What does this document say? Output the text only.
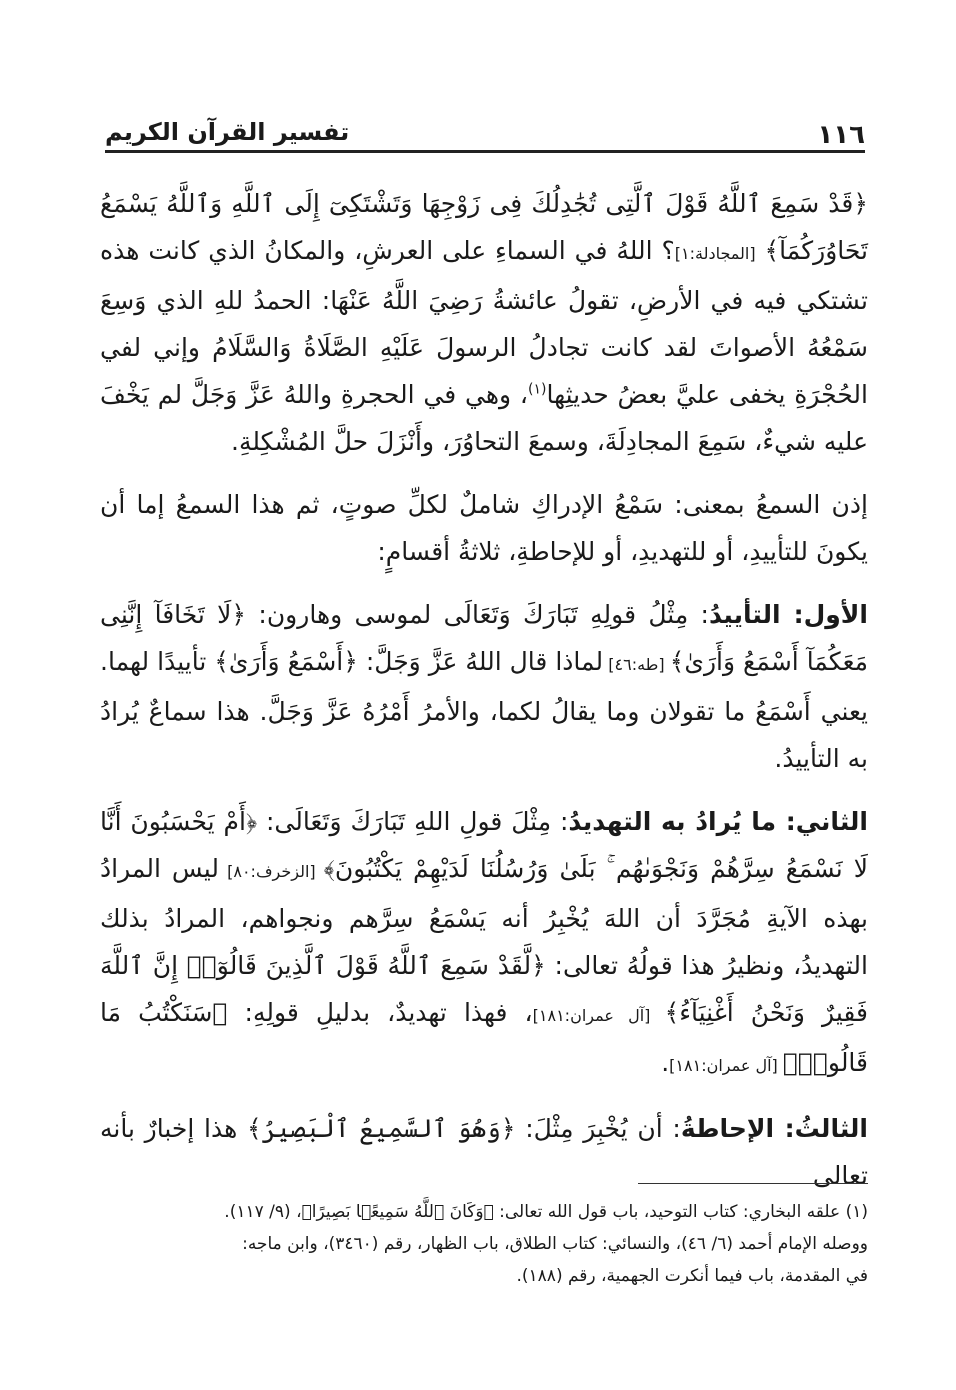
١١٦
تفسير القرآن الكريم

﴿قَدْ سَمِعَ ٱللَّهُ قَوْلَ ٱلَّتِى تُجَٰدِلُكَ فِى زَوْجِهَا وَتَشْتَكِىٓ إِلَى ٱللَّهِ وَٱللَّهُ يَسْمَعُ تَحَاوُرَكُمَآ﴾ [المجادلة:١]؟ اللهُ في السماءِ على العرشِ، والمكانُ الذي كانت هذه تشتكي فيه في الأرضِ، تقولُ عائشةُ رَضِيَ اللَّهُ عَنْهَا: الحمدُ للهِ الذي وَسِعَ سَمْعُهُ الأصواتَ لقد كانت تجادلُ الرسولَ عَلَيْهِ الصَّلَاةُ وَالسَّلَامُ وإني لفي الحُجْرَةِ يخفى عليَّ بعضُ حديثِها$^{(١)}$، وهي في الحجرةِ واللهُ عَزَّ وَجَلَّ لم يَخْفَ عليه شيءٌ، سَمِعَ المجادِلَةَ، وسمعَ التحاوُرَ، وأَنْزَلَ حلَّ المُشْكِلةِ.

إذن السمعُ بمعنى: سَمْعُ الإدراكِ شاملٌ لكلِّ صوتٍ، ثم هذا السمعُ إما أن يكونَ للتأييدِ، أو للتهديدِ، أو للإحاطةِ، ثلاثةُ أقسامٍ:

الأول: التأييدُ: مِثْلُ قولِهِ تَبَارَكَ وَتَعَالَى لموسى وهارون: ﴿لَا تَخَافَآ إِنَّنِى مَعَكُمَآ أَسْمَعُ وَأَرَىٰ﴾ [طه:٤٦] لماذا قال اللهُ عَزَّ وَجَلَّ: ﴿أَسْمَعُ وَأَرَىٰ﴾ تأييدًا لهما. يعني أَسْمَعُ ما تقولان وما يقالُ لكما، والأمرُ أَمْرُهُ عَزَّ وَجَلَّ. هذا سماعٌ يُرادُ به التأييدُ.

الثاني: ما يُرادُ به التهديدُ: مِثْلَ قولِ اللهِ تَبَارَكَ وَتَعَالَى: ﴿أَمْ يَحْسَبُونَ أَنَّا لَا نَسْمَعُ سِرَّهُمْ وَنَجْوَىٰهُم ۚ بَلَىٰ وَرُسُلُنَا لَدَيْهِمْ يَكْتُبُونَ﴾ [الزخرف:٨٠] ليس المرادُ بهذه الآيةِ مُجَرَّدَ أن اللهَ يُخْبِرُ أنه يَسْمَعُ سِرَّهم ونجواهم، المرادُ بذلك التهديدُ، ونظيرُ هذا قولُهُ تعالى: ﴿لَّقَدْ سَمِعَ ٱللَّهُ قَوْلَ ٱلَّذِينَ قَالُوٓا۟ إِنَّ ٱللَّهَ فَقِيرٌ وَنَحْنُ أَغْنِيَآءُ﴾ [آل عمران:١٨١]، فهذا تهديدٌ، بدليلِ قولِهِ: ﴿سَنَكْتُبُ مَا قَالُوا۟﴾ [آل عمران:١٨١].

الثالثُ: الإحاطةُ: أن يُخْبِرَ مِثْلَ: ﴿وَهُوَ ٱلسَّمِيعُ ٱلْبَصِيرُ﴾ هذا إخبارٌ بأنه تعالى

(١) علقه البخاري: كتاب التوحيد، باب قول الله تعالى: ﴿وَكَانَ ٱللَّهُ سَمِيعًۢا بَصِيرًا﴾، (٩/ ١١٧).

ووصله الإمام أحمد (٦/ ٤٦)، والنسائي: كتاب الطلاق، باب الظهار، رقم (٣٤٦٠)، وابن ماجه:

في المقدمة، باب فيما أنكرت الجهمية، رقم (١٨٨).
